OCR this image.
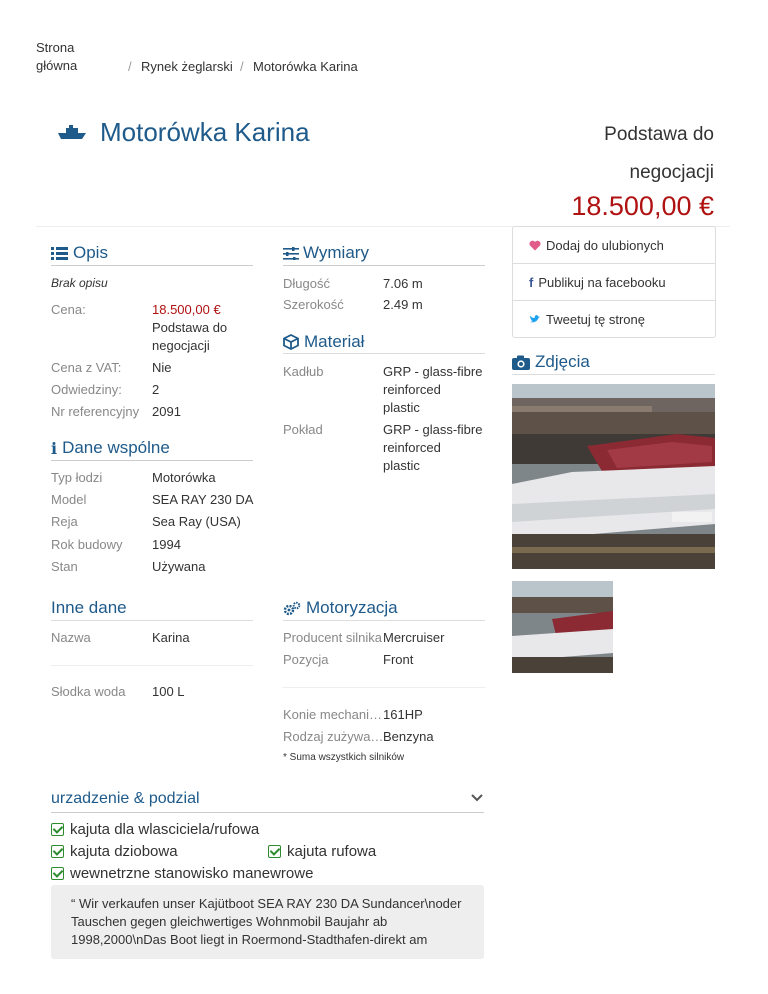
Strona
główna	/ Rynek żeglarski / Motorówka Karina
Motorówka Karina	Podstawa do
negocjacji
18.500,00 €
Dodaj do ulubionych
f Publikuj na facebooku
Tweetuj tę stronę
Opis
Brak opisu
Cena:	18.500,00 €
Podstawa do
negocjacji
Cena z VAT: Nie
Odwiedziny: 2
Nr referencyjny 2091
i Dane wspólne
Typ łodzi	Motorówka
Model	SEA RAY 230 DA
Reja	Sea Ray (USA)
Rok budowy 1994
Stan	Używana
Inne dane
Nazwa	Karina
Słodka woda 100 L
Wymiary
Długość	7.06 m
Szerokość	2.49 m
Materiał
Kadłub	GRP - glass-fibre
reinforced
plastic
Pokład	GRP - glass-fibre
reinforced
plastic
Motoryzacja
Producent silnika Mercruiser
Pozycja	Front
Konie mechani… 161HP
Rodzaj zużywa… Benzyna
* Suma wszystkich silników
Zdjęcia
urzadzenie & podzial
kajuta dla wlasciciela/rufowa
kajuta dziobowa	kajuta rufowa
wewnetrzne stanowisko manewrowe
“ Wir verkaufen unser Kajütboot SEA RAY 230 DA Sundancer\noder
Tauschen gegen gleichwertiges Wohnmobil Baujahr ab
1998,2000\nDas Boot liegt in Roermond-Stadthafen-direkt am
